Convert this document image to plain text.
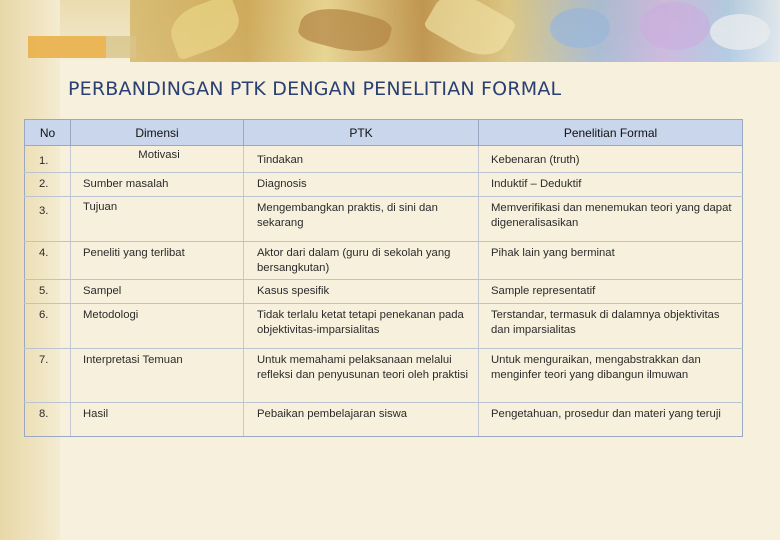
PERBANDINGAN PTK DENGAN PENELITIAN FORMAL
No	Dimensi	PTK	Penelitian Formal
1.	Motivasi	Tindakan	Kebenaran (truth)
2.	Sumber masalah	Diagnosis	Induktif – Deduktif
3.	Tujuan	Mengembangkan praktis, di sini dan sekarang	Memverifikasi dan menemukan teori yang dapat digeneralisasikan
4.	Peneliti yang terlibat	Aktor dari dalam (guru di sekolah yang bersangkutan)	Pihak lain yang berminat
5.	Sampel	Kasus spesifik	Sample representatif
6.	Metodologi	Tidak terlalu ketat tetapi penekanan pada objektivitas-imparsialitas	Terstandar, termasuk di dalamnya objektivitas dan imparsialitas
7.	Interpretasi Temuan	Untuk memahami pelaksanaan melalui refleksi dan penyusunan teori oleh praktisi	Untuk menguraikan, mengabstrakkan dan menginfer teori yang dibangun ilmuwan
8.	Hasil	Pebaikan pembelajaran siswa	Pengetahuan, prosedur dan materi yang teruji
